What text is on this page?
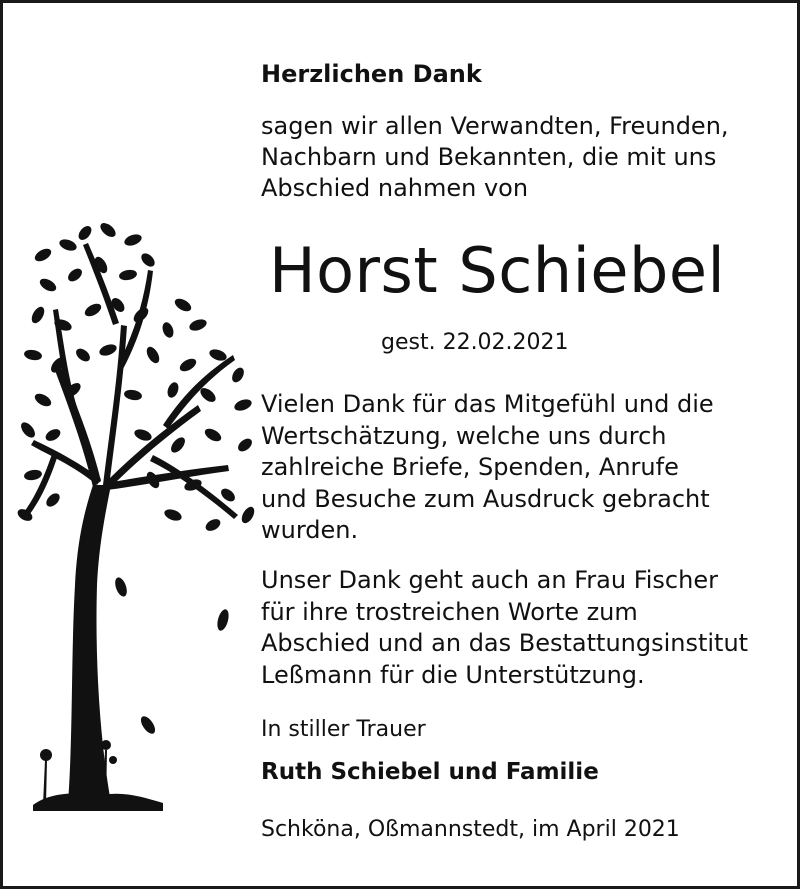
Herzlichen Dank
sagen wir allen Verwandten, Freunden,
Nachbarn und Bekannten, die mit uns
Abschied nahmen von
Horst Schiebel
gest. 22.02.2021
Vielen Dank für das Mitgefühl und die
Wertschätzung, welche uns durch
zahlreiche Briefe, Spenden, Anrufe
und Besuche zum Ausdruck gebracht
wurden.
Unser Dank geht auch an Frau Fischer
für ihre trostreichen Worte zum
Abschied und an das Bestattungsinstitut
Leßmann für die Unterstützung.
In stiller Trauer
Ruth Schiebel und Familie
Schköna, Oßmannstedt, im April 2021
